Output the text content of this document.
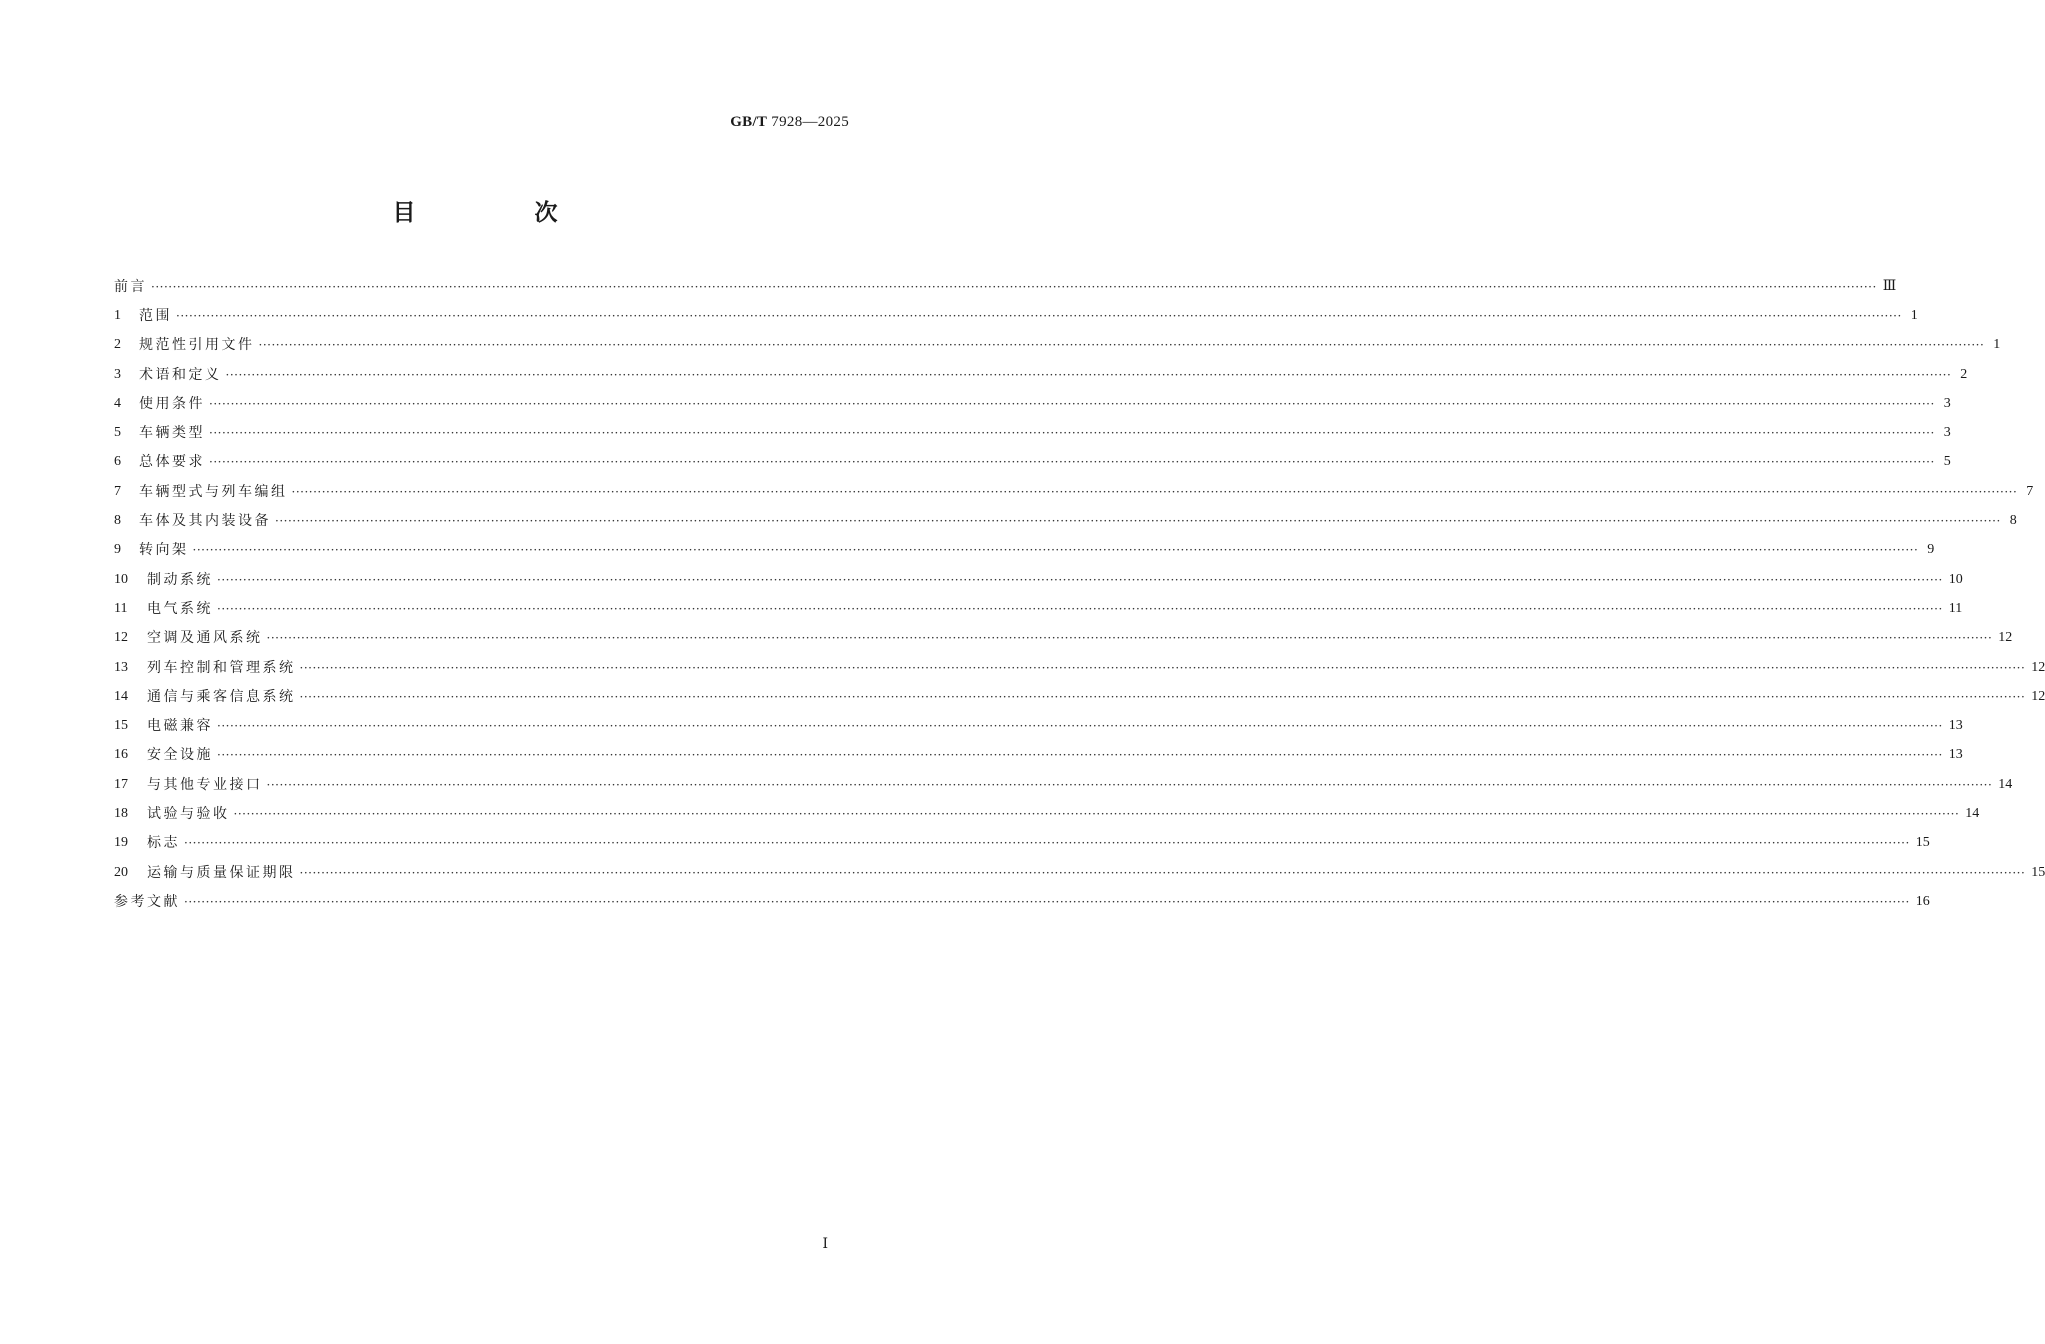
GB/T 7928—2025
目　次
前言 ················································································································································································································································································································································································································ Ⅲ
1	范围 ················································································································································································································································································································································································································ 1
2	规范性引用文件 ················································································································································································································································································································································································································ 1
3	术语和定义 ················································································································································································································································································································································································································ 2
4	使用条件 ················································································································································································································································································································································································································ 3
5	车辆类型 ················································································································································································································································································································································································································ 3
6	总体要求 ················································································································································································································································································································································································································ 5
7	车辆型式与列车编组 ················································································································································································································································································································································································································ 7
8	车体及其内装设备 ················································································································································································································································································································································································································ 8
9	转向架 ················································································································································································································································································································································································································ 9
10	制动系统 ················································································································································································································································································································································································································ 10
11	电气系统 ················································································································································································································································································································································································································ 11
12	空调及通风系统 ················································································································································································································································································································································································································ 12
13	列车控制和管理系统 ················································································································································································································································································································································································································ 12
14	通信与乘客信息系统 ················································································································································································································································································································································································································ 12
15	电磁兼容 ················································································································································································································································································································································································································ 13
16	安全设施 ················································································································································································································································································································································································································ 13
17	与其他专业接口 ················································································································································································································································································································································································································ 14
18	试验与验收 ················································································································································································································································································································································································································ 14
19	标志 ················································································································································································································································································································································································································ 15
20	运输与质量保证期限 ················································································································································································································································································································································································································ 15
参考文献 ················································································································································································································································································································································································································ 16
Ⅰ
